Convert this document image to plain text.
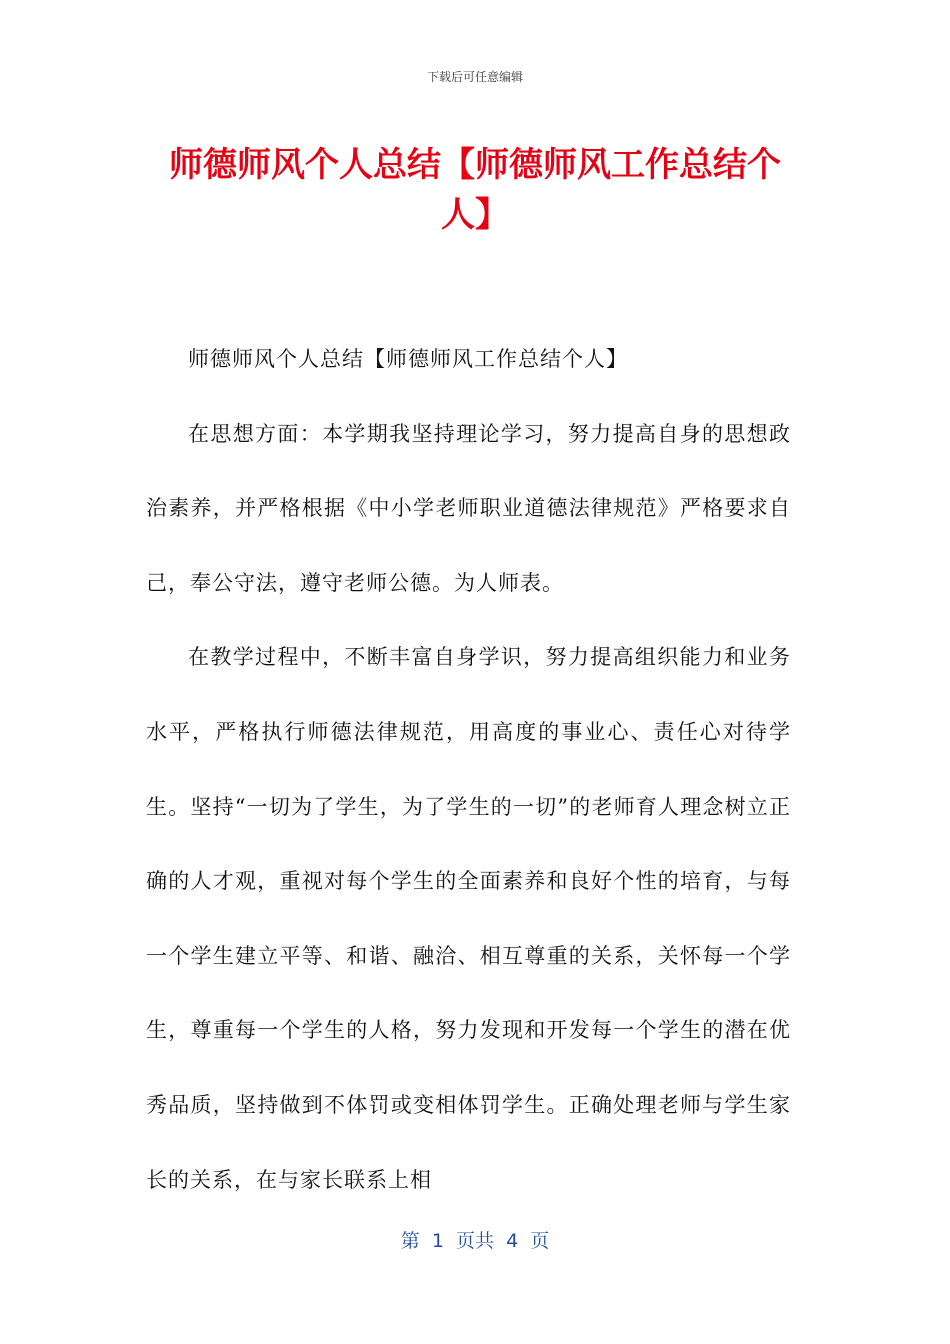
下载后可任意编辑
师德师风个人总结【师德师风工作总结个人】

师德师风个人总结【师德师风工作总结个人】

在思想方面：本学期我坚持理论学习，努力提高自身的思想政治素养，并严格根据《中小学老师职业道德法律规范》严格要求自己，奉公守法，遵守老师公德。为人师表。

在教学过程中，不断丰富自身学识，努力提高组织能力和业务水平，严格执行师德法律规范，用高度的事业心、责任心对待学生。坚持“一切为了学生，为了学生的一切”的老师育人理念树立正确的人才观，重视对每个学生的全面素养和良好个性的培育，与每一个学生建立平等、和谐、融洽、相互尊重的关系，关怀每一个学生，尊重每一个学生的人格，努力发现和开发每一个学生的潜在优秀品质，坚持做到不体罚或变相体罚学生。正确处理老师与学生家长的关系，在与家长联系上相

第  1  页共  4  页
